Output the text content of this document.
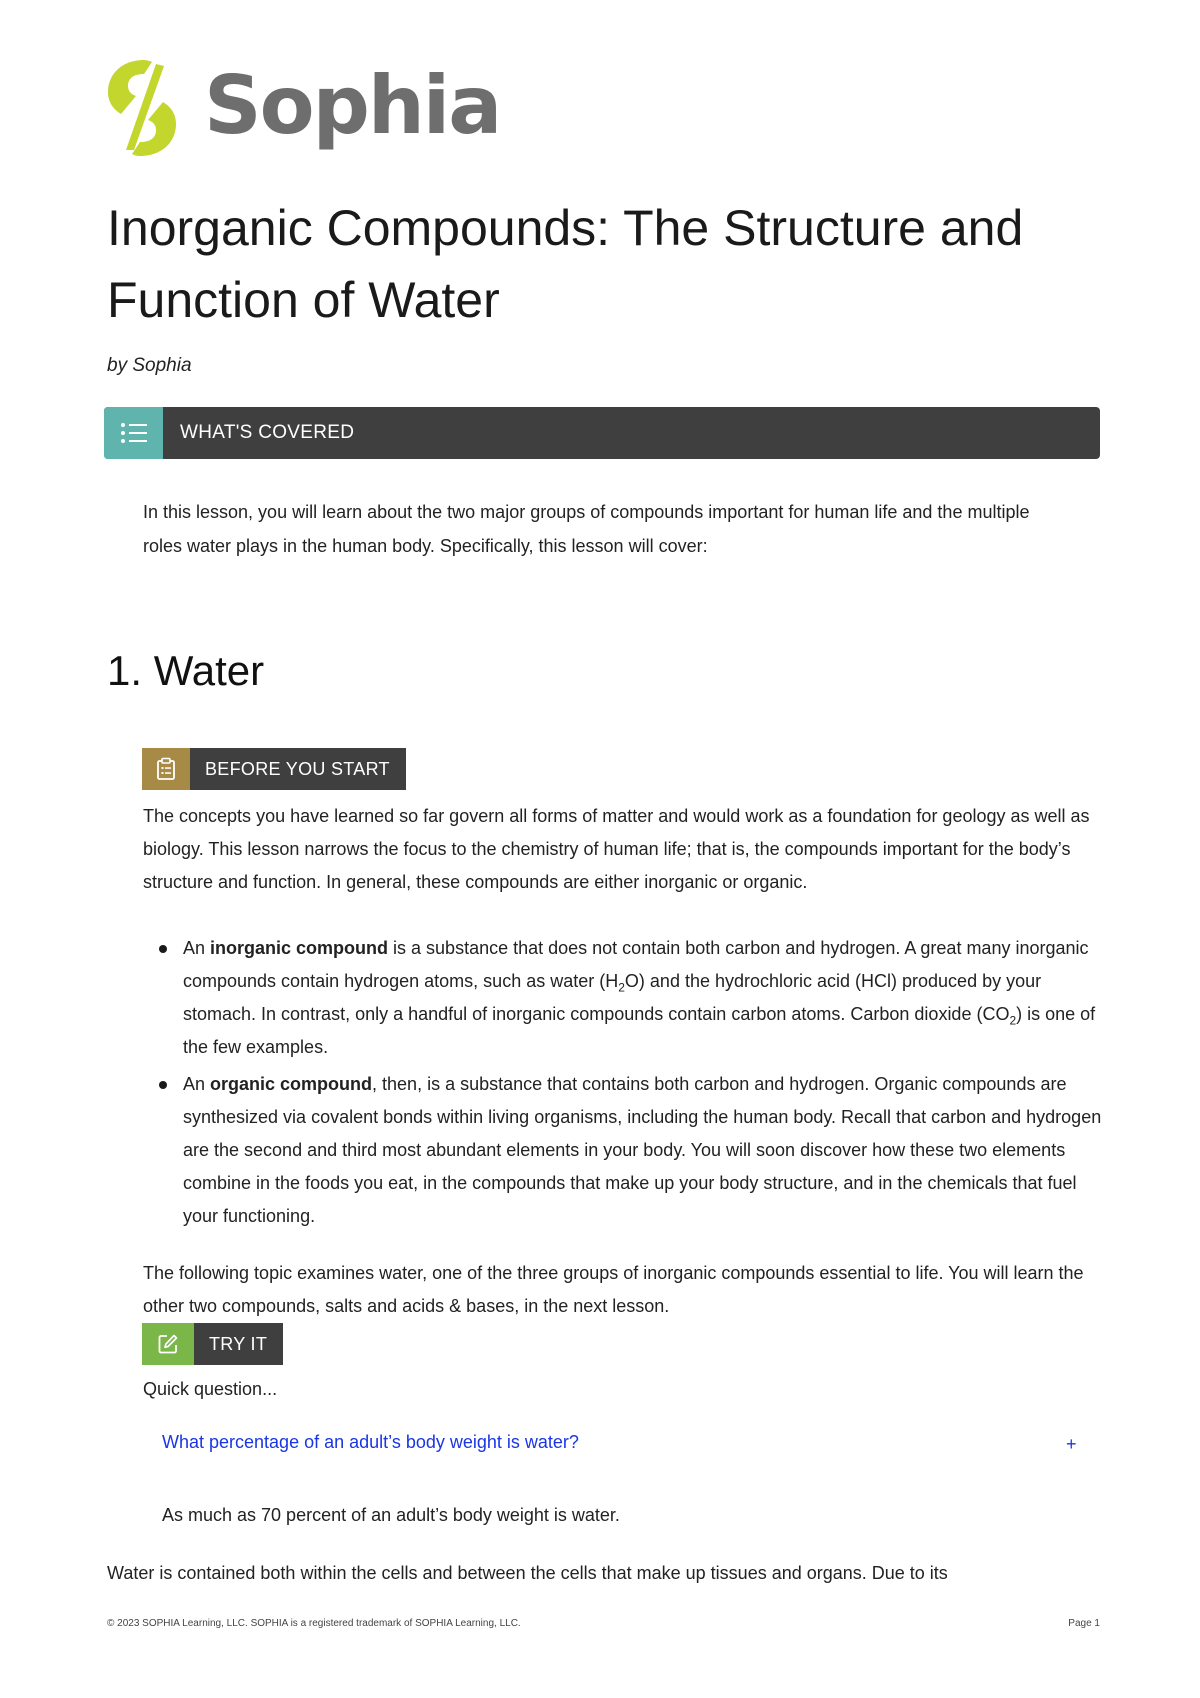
Sophia
Inorganic Compounds: The Structure and Function of Water
by Sophia
WHAT'S COVERED

In this lesson, you will learn about the two major groups of compounds important for human life and the multiple roles water plays in the human body. Specifically, this lesson will cover:

1. Water
BEFORE YOU START

The concepts you have learned so far govern all forms of matter and would work as a foundation for geology as well as biology. This lesson narrows the focus to the chemistry of human life; that is, the compounds important for the body’s structure and function. In general, these compounds are either inorganic or organic.

An inorganic compound is a substance that does not contain both carbon and hydrogen. A great many inorganic compounds contain hydrogen atoms, such as water $(H_2O)$ and the hydrochloric acid (HCl) produced by your stomach. In contrast, only a handful of inorganic compounds contain carbon atoms. Carbon dioxide $(CO_2)$ is one of the few examples.
An organic compound, then, is a substance that contains both carbon and hydrogen. Organic compounds are synthesized via covalent bonds within living organisms, including the human body. Recall that carbon and hydrogen are the second and third most abundant elements in your body. You will soon discover how these two elements combine in the foods you eat, in the compounds that make up your body structure, and in the chemicals that fuel your functioning.

The following topic examines water, one of the three groups of inorganic compounds essential to life. You will learn the other two compounds, salts and acids & bases, in the next lesson.

TRY IT
Quick question...
What percentage of an adult’s body weight is water?	+
As much as 70 percent of an adult’s body weight is water.

Water is contained both within the cells and between the cells that make up tissues and organs. Due to its

© 2023 SOPHIA Learning, LLC. SOPHIA is a registered trademark of SOPHIA Learning, LLC.	Page 1
